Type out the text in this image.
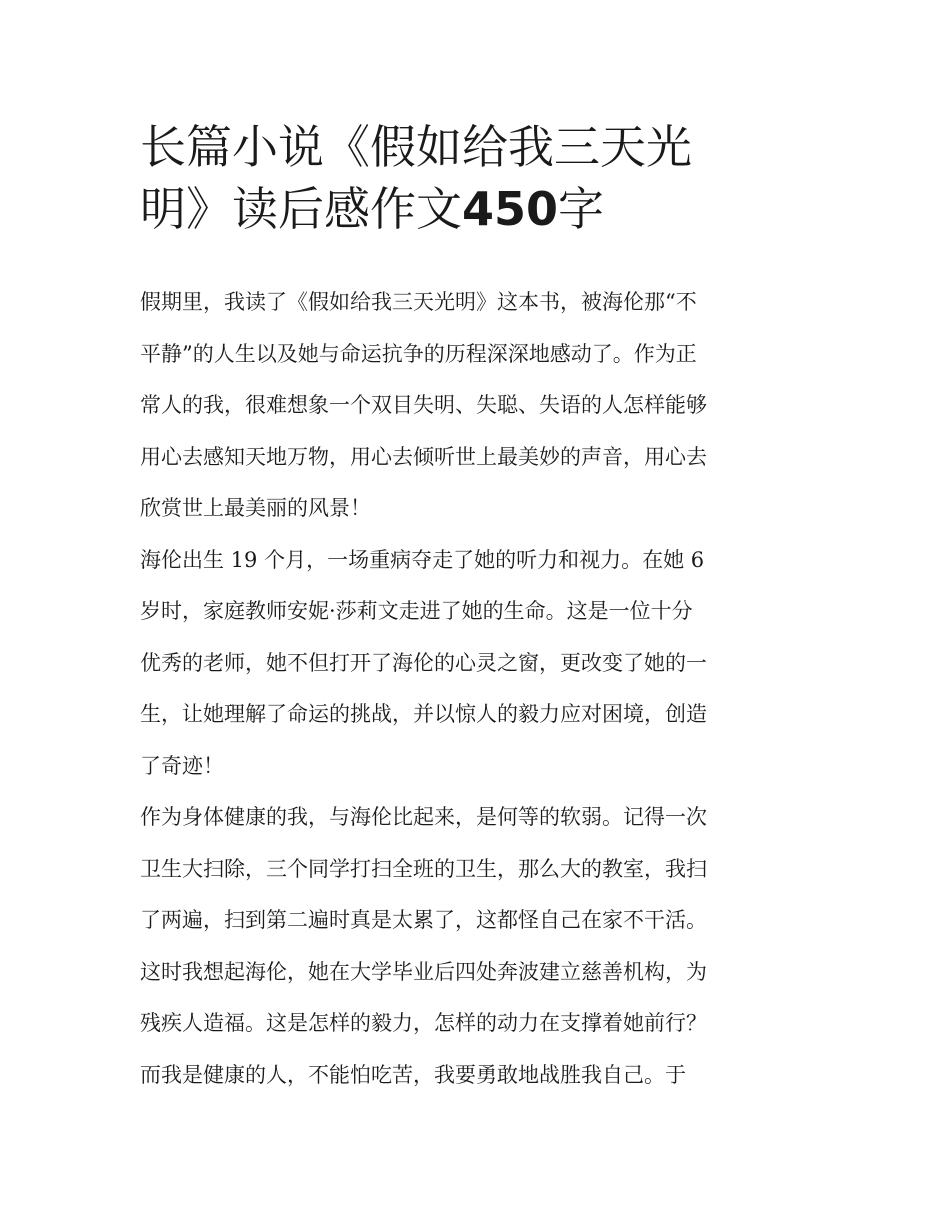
长篇小说《假如给我三天光
明》读后感作文450字
假期里，我读了《假如给我三天光明》这本书，被海伦那“不
平静”的人生以及她与命运抗争的历程深深地感动了。作为正
常人的我，很难想象一个双目失明、失聪、失语的人怎样能够
用心去感知天地万物，用心去倾听世上最美妙的声音，用心去
欣赏世上最美丽的风景！
海伦出生 19 个月，一场重病夺走了她的听力和视力。在她 6
岁时，家庭教师安妮·莎莉文走进了她的生命。这是一位十分
优秀的老师，她不但打开了海伦的心灵之窗，更改变了她的一
生，让她理解了命运的挑战，并以惊人的毅力应对困境，创造
了奇迹！
作为身体健康的我，与海伦比起来，是何等的软弱。记得一次
卫生大扫除，三个同学打扫全班的卫生，那么大的教室，我扫
了两遍，扫到第二遍时真是太累了，这都怪自己在家不干活。
这时我想起海伦，她在大学毕业后四处奔波建立慈善机构，为
残疾人造福。这是怎样的毅力，怎样的动力在支撑着她前行？
而我是健康的人，不能怕吃苦，我要勇敢地战胜我自己。于
